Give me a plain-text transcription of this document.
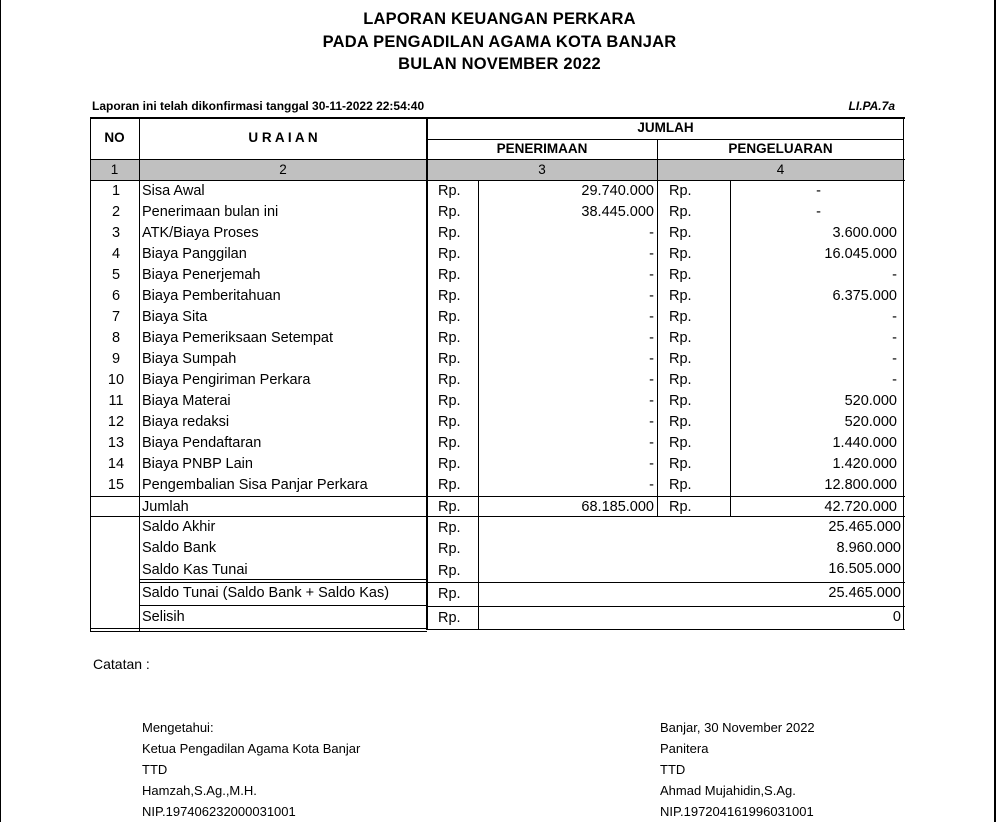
LAPORAN KEUANGAN PERKARA
PADA PENGADILAN AGAMA KOTA BANJAR
BULAN NOVEMBER 2022
Laporan ini telah dikonfirmasi tanggal 30-11-2022 22:54:40	LI.PA.7a
NO	U R A I A N
JUMLAH
PENERIMAAN	PENGELUARAN
1	2	3	4
1	Sisa Awal	Rp.	29.740.000 Rp.	-
2	Penerimaan bulan ini	Rp.	38.445.000 Rp.	-
3	ATK/Biaya Proses	Rp.	- Rp.	3.600.000
4	Biaya Panggilan	Rp.	- Rp.	16.045.000
5	Biaya Penerjemah	Rp.	- Rp.	-
6	Biaya Pemberitahuan	Rp.	- Rp.	6.375.000
7	Biaya Sita	Rp.	- Rp.	-
8	Biaya Pemeriksaan Setempat	Rp.	- Rp.	-
9	Biaya Sumpah	Rp.	- Rp.	-
10	Biaya Pengiriman Perkara	Rp.	- Rp.	-
11	Biaya Materai	Rp.	- Rp.	520.000
12	Biaya redaksi	Rp.	- Rp.	520.000
13	Biaya Pendaftaran	Rp.	- Rp.	1.440.000
14	Biaya PNBP Lain	Rp.	- Rp.	1.420.000
15	Pengembalian Sisa Panjar Perkara	Rp.	- Rp.	12.800.000
Jumlah	Rp.	68.185.000 Rp.	42.720.000
Saldo Akhir	Rp.	25.465.000
Saldo Bank	Rp.	8.960.000
Saldo Kas Tunai	Rp.	16.505.000
Saldo Tunai (Saldo Bank + Saldo Kas)	Rp.	25.465.000
Selisih	Rp.	0
Catatan :
Mengetahui:
Ketua Pengadilan Agama Kota Banjar
TTD
Hamzah,S.Ag.,M.H.
NIP.197406232000031001
Banjar, 30 November 2022
Panitera
TTD
Ahmad Mujahidin,S.Ag.
NIP.197204161996031001
